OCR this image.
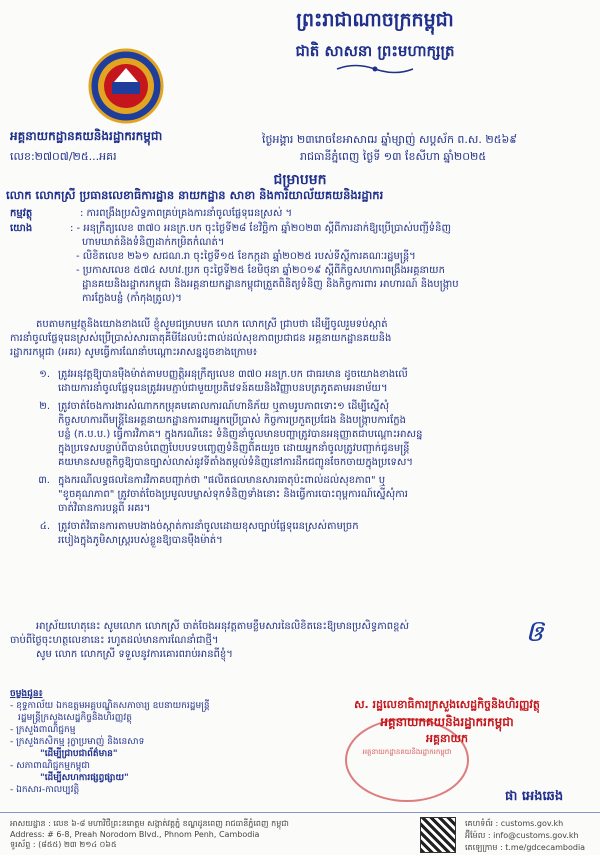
ព្រះរាជាណាចក្រកម្ពុជា
ជាតិ សាសនា ព្រះមហាក្សត្រ
អគ្គនាយកដ្ឋានគយនិងរដ្ឋាករកម្ពុជា
លេខ:២៧០៧/២៥...អគរ
ថ្ងៃអង្គារ ២៣រោចខែអាសាឍ ឆ្នាំម្សាញ់ សប្តស័ក ព.ស. ២៥៦៩
រាជធានីភ្នំពេញ ថ្ងៃទី ១៣ ខែសីហា ឆ្នាំ២០២៥
ជម្រាបមក
លោក លោកស្រី ប្រធានលេខាធិការដ្ឋាន នាយកដ្ឋាន សាខា និងការិយាល័យគយនិងរដ្ឋាករ
កម្មវត្ថុ	: ការពង្រឹងប្រសិទ្ធភាពគ្រប់គ្រងការនាំចូលផ្លែទុរេនស្រស់ ។
យោង	: - អនុក្រឹត្យលេខ ៣៧០ អនក្រ.បក ចុះថ្ងៃទី២៨ ខែវិច្ឆិកា ឆ្នាំ២០២៣ ស្តីពីការដាក់ឱ្យប្រើប្រាស់បញ្ជីទំនិញ
ហាមឃាត់និងទំនិញដាក់កម្រិតកំណត់។
- លិខិតលេខ ២៦១ សជណ.រា ចុះថ្ងៃទី១៥ ខែកក្កដា ឆ្នាំ២០២៥ របស់ទីស្តីការគណៈរដ្ឋមន្ត្រី។
- ប្រកាសលេខ ៥៧៤ សហវ.ប្រក ចុះថ្ងៃទី២៥ ខែមិថុនា ឆ្នាំ២០១៩ ស្តីពីកិច្ចសហការពង្រឹងអគ្គនាយក
ដ្ឋានគយនិងរដ្ឋាករកម្ពុជា និងអគ្គនាយកដ្ឋានកម្ពុជាត្រួតពិនិត្យទំនិញ និងកិច្ចការពារ អាហារណ៍ និងបង្ក្រាប
ការក្លែងបន្លំ (កាំកុងត្រូល)។
តបតាមកម្មវត្ថុនិងយោងខាងលើ ខ្ញុំសូមជម្រាបមក លោក លោកស្រី ជ្រាបថា ដើម្បីចូលរួមទប់ស្កាត់
ការនាំចូលផ្លែទុរេនស្រស់ប្រើប្រាស់សារធាតុគីមីដែលប៉ះពាល់ដល់សុខភាពប្រជាជន អគ្គនាយកដ្ឋានគយនិង
រដ្ឋាករកម្ពុជា (អគរ) សូមធ្វើការណែនាំបណ្ដោះអាសន្នដូចខាងក្រោម៖
១. ត្រូវអនុវត្តឱ្យបានម៉ឺងម៉ាត់តាមបញ្ញត្តិអនុក្រឹត្យលេខ ៣៧០ អនក្រ.បក ជាធរមាន ដូចយោងខាងលើ
ដោយការនាំចូលផ្លែទុរេនត្រូវអមភ្ជាប់ជាមួយប្រតិវេទន៍គយនិងវិញ្ញាបនបត្រភូតគាមអនាម័យ។
២. ត្រូវចាត់ចែងការងារសំណាកកម្រុគមគោលការណ៍ហានិភ័យ ឬតាមរូបភាពទោះ១ ដើម្បីស្នើសុំ
កិច្ចសហការពីមន្ត្រីនៃអគ្គនាយកដ្ឋានការពារអ្នកប្រើប្រាស់ កិច្ចការប្រកួតប្រជែង និងបង្ក្រាបការក្លែង
បន្លំ (ក.ប.ប.) ធ្វើការវិភាគ។ ក្នុងករណីនេះ ទំនិញនាំចូលមានបញ្ហាត្រូវបានអនុញ្ញាតជាបណ្ដោះអាសន្ន
ក្នុងប្រទេសបន្ទាប់ពីបានបំពេញបែបបទបញ្ចេញទំនិញពីគយរួច ដោយអ្នកនាំចូលត្រូវបញ្ជាក់ជូនមន្ត្រី
គយមានសមត្ថកិច្ចឱ្យបានច្បាស់លាស់នូវទីតាំងតម្កល់ទំនិញនៅការដឹកជញ្ជូនចែកចាយក្នុងប្រទេស។
៣. ក្នុងករណីលទ្ធផលនៃការវិភាគបញ្ជាក់ថា "ផលិតផលមានសារធាតុប៉ះពាល់ដល់សុខភាព" ឬ
"ខូចគុណភាព" ត្រូវចាត់ចែងប្រមូលបម្លាស់ទុកទំនិញទាំងនោះ និងធ្វើការបោះពុម្ពការណ៍ស្នើសុំការ
ចាត់វិធានការបន្តពី អគរ។
៤. ត្រូវចាត់វិធានការតាមបងាងច់ស្កាត់ការនាំចូលដោយខុសច្បាប់ផ្លែទុរេនស្រស់តាមច្រក
របៀងក្នុងភូមិសាស្ត្ររបស់ខ្លួនឱ្យបានម៉ឺងម៉ាត់។
អាស្រ័យហេតុនេះ សូមលោក លោកស្រី ចាត់ចែងអនុវត្តតាមខ្លឹមសារនៃលិខិតនេះឱ្យមានប្រសិទ្ធភាពខ្ពស់
ចាប់ពីថ្ងៃចុះហត្ថលេខានេះ រហូតដល់មានការណែនាំជាថ្មី។
សូម លោក លោកស្រី ទទួលនូវការគោរពរាប់អានពីខ្ញុំ។
ឲ
ស. រដ្ឋលេខាធិការក្រសួងសេដ្ឋកិច្ចនិងហិរញ្ញវត្ថុ
អគ្គនាយកគយនិងរដ្ឋាករកម្ពុជា
អគ្គនាយក
អគ្គនាយកដ្ឋានគយនិងរដ្ឋាករកម្ពុជា
ផា អេងឆេង
ចម្លងជូន៖
- ខុទ្ទកាល័យ ឯកឧត្តមអគ្គបណ្ឌិតសភាចារ្យ ឧបនាយករដ្ឋមន្ត្រី
រដ្ឋមន្ត្រីក្រសួងសេដ្ឋកិច្ចនិងហិរញ្ញវត្ថុ
- ក្រសួងពាណិជ្ជកម្ម
- ក្រសួងកសិកម្ម រុក្ខាប្រមាញ់ និងនេសាទ
"ដើម្បីជ្រាបជាព័ត៌មាន"
- សភាពាណិជ្ជកម្មកម្ពុជា
"ដើម្បីសហការផ្សព្វផ្សាយ"
- ឯកសារ-កាលប្បវត្តិ
អាសយដ្ឋាន : លេខ ៦-៨ មហាវិថីព្រះនរោត្តម សង្កាត់វត្តភ្នំ ខណ្ឌដូនពេញ រាជធានីភ្នំពេញ កម្ពុជា
Address: # 6-8, Preah Norodom Blvd., Phnom Penh, Cambodia
ទូរស័ព្ទ : (៨៥៥) ២៣ ២១៤ ០៦៥
គេហទំព័រ : customs.gov.kh
អ៊ីម៉ែល : info@customs.gov.kh
តេឡេក្រាម : t.me/gdcecambodia
